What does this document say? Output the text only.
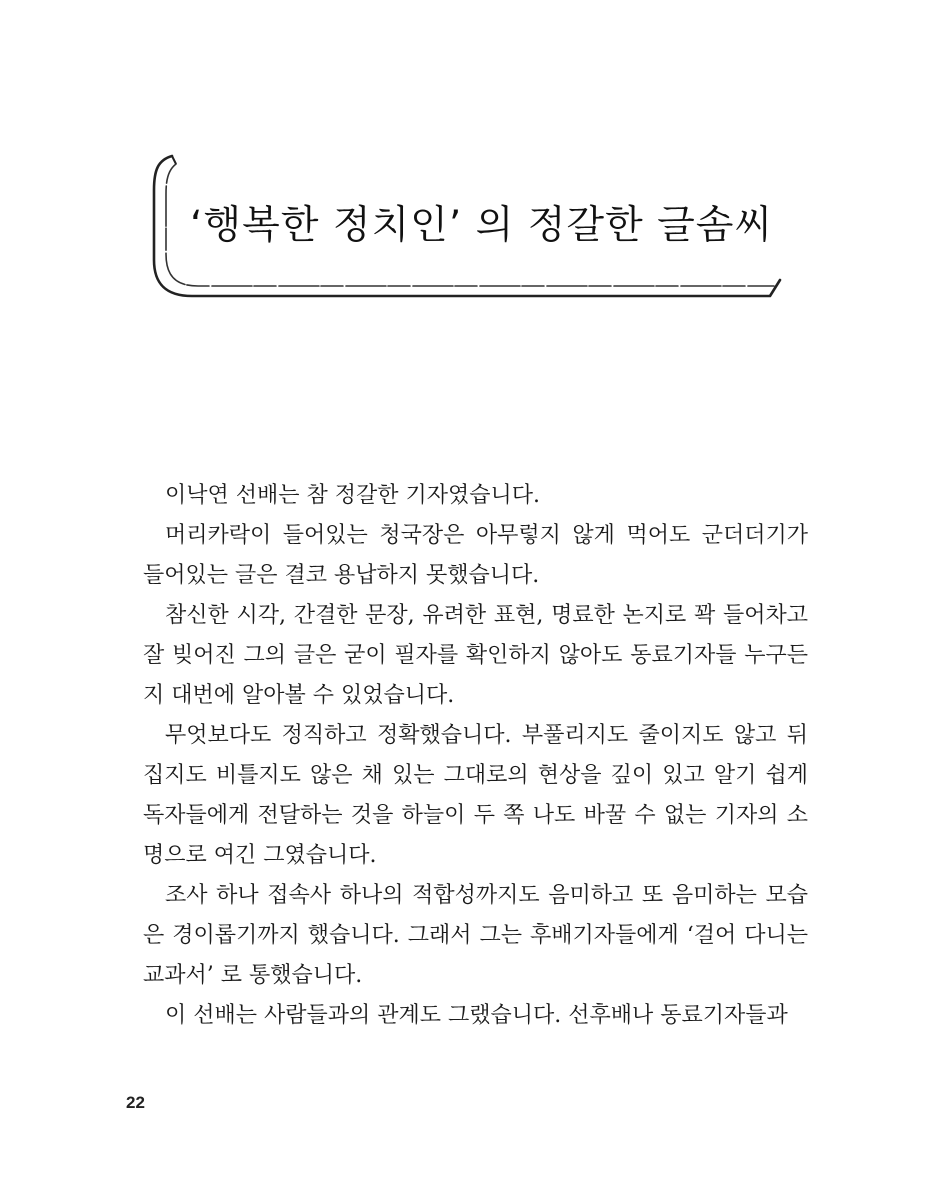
‘행복한 정치인’ 의 정갈한 글솜씨

이낙연 선배는 참 정갈한 기자였습니다.

머리카락이 들어있는 청국장은 아무렇지 않게 먹어도 군더더기가 들어있는 글은 결코 용납하지 못했습니다.

참신한 시각, 간결한 문장, 유려한 표현, 명료한 논지로 꽉 들어차고 잘 빚어진 그의 글은 굳이 필자를 확인하지 않아도 동료기자들 누구든지 대번에 알아볼 수 있었습니다.

무엇보다도 정직하고 정확했습니다. 부풀리지도 줄이지도 않고 뒤집지도 비틀지도 않은 채 있는 그대로의 현상을 깊이 있고 알기 쉽게 독자들에게 전달하는 것을 하늘이 두 쪽 나도 바꿀 수 없는 기자의 소명으로 여긴 그였습니다.

조사 하나 접속사 하나의 적합성까지도 음미하고 또 음미하는 모습은 경이롭기까지 했습니다. 그래서 그는 후배기자들에게 ‘걸어 다니는 교과서’ 로 통했습니다.

이 선배는 사람들과의 관계도 그랬습니다. 선후배나 동료기자들과

22
